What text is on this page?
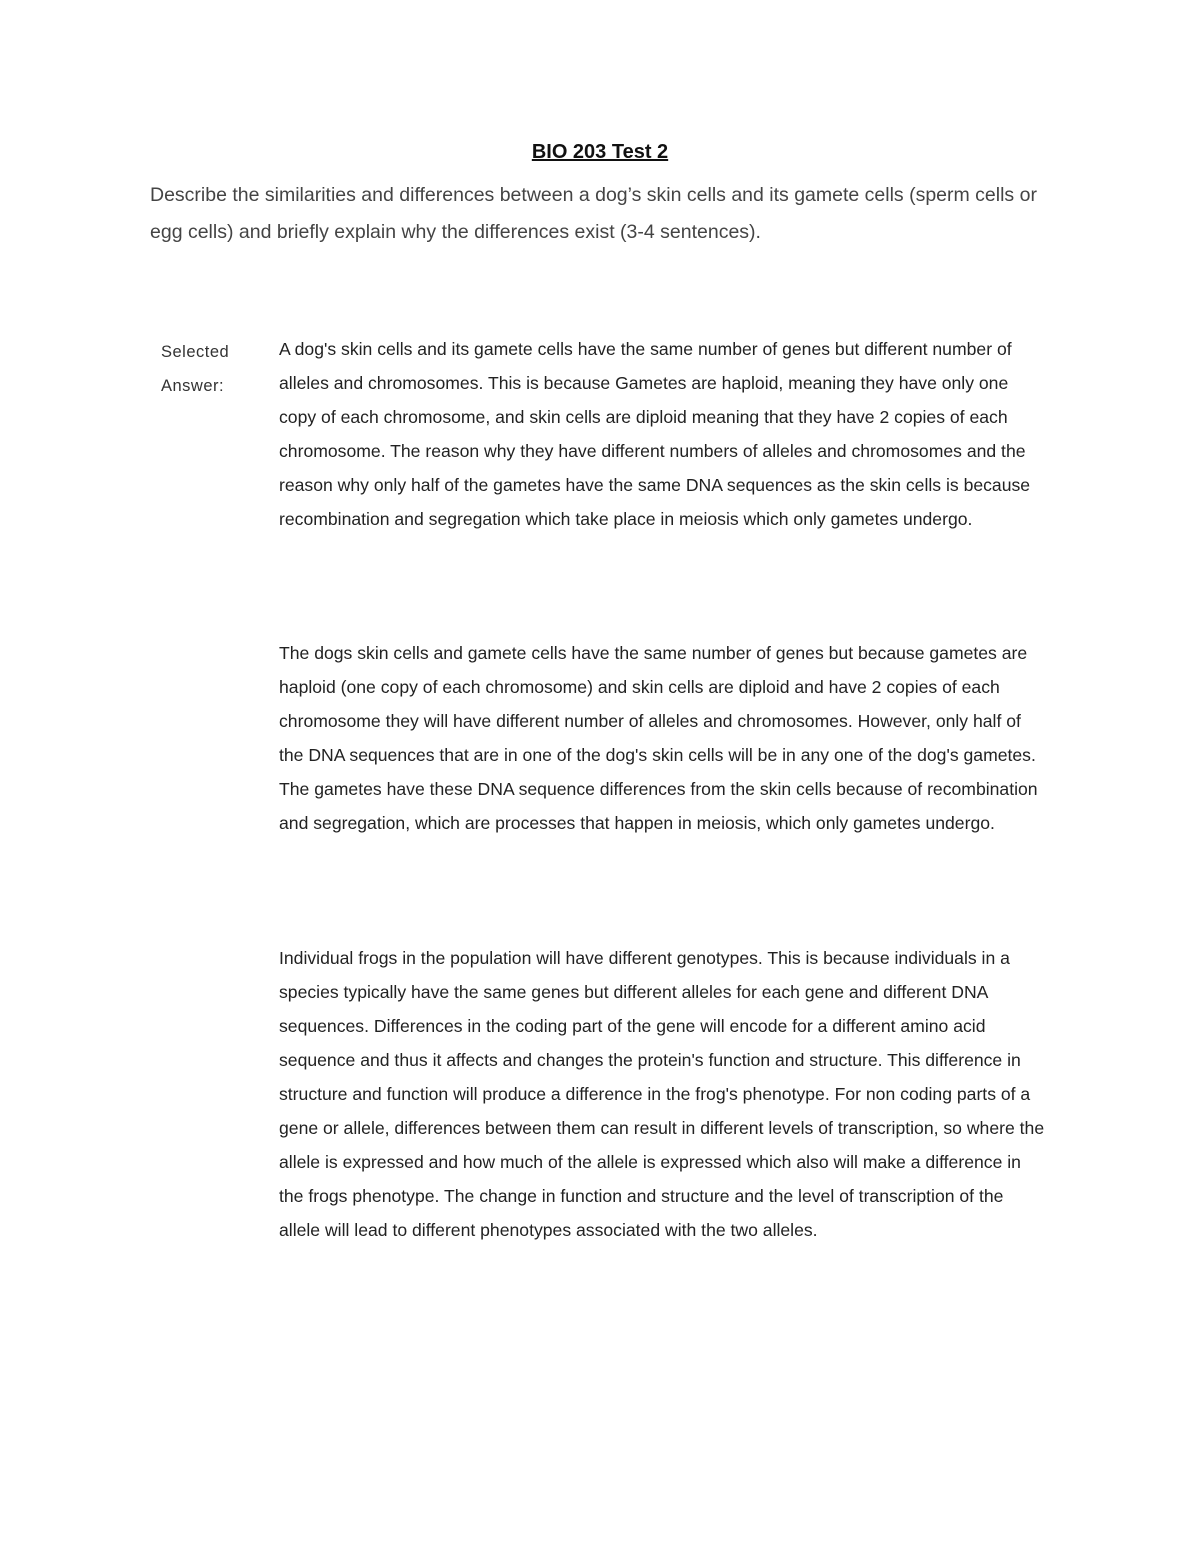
BIO 203 Test 2
Describe the similarities and differences between a dog’s skin cells and its gamete cells (sperm cells or egg cells) and briefly explain why the differences exist (3-4 sentences).
Selected
Answer:
A dog's skin cells and its gamete cells have the same number of genes but different number of alleles and chromosomes. This is because Gametes are haploid, meaning they have only one copy of each chromosome, and skin cells are diploid meaning that they have 2 copies of each chromosome. The reason why they have different numbers of alleles and chromosomes and the reason why only half of the gametes have the same DNA sequences as the skin cells is because recombination and segregation which take place in meiosis which only gametes undergo.
The dogs skin cells and gamete cells have the same number of genes but because gametes are haploid (one copy of each chromosome) and skin cells are diploid and have 2 copies of each chromosome they will have different number of alleles and chromosomes. However, only half of the DNA sequences that are in one of the dog's skin cells will be in any one of the dog's gametes. The gametes have these DNA sequence differences from the skin cells because of recombination and segregation, which are processes that happen in meiosis, which only gametes undergo.
Individual frogs in the population will have different genotypes. This is because individuals in a species typically have the same genes but different alleles for each gene and different DNA sequences. Differences in the coding part of the gene will encode for a different amino acid sequence and thus it affects and changes the protein's function and structure. This difference in structure and function will produce a difference in the frog's phenotype. For non coding parts of a gene or allele, differences between them can result in different levels of transcription, so where the allele is expressed and how much of the allele is expressed which also will make a difference in the frogs phenotype. The change in function and structure and the level of transcription of the allele will lead to different phenotypes associated with the two alleles.
